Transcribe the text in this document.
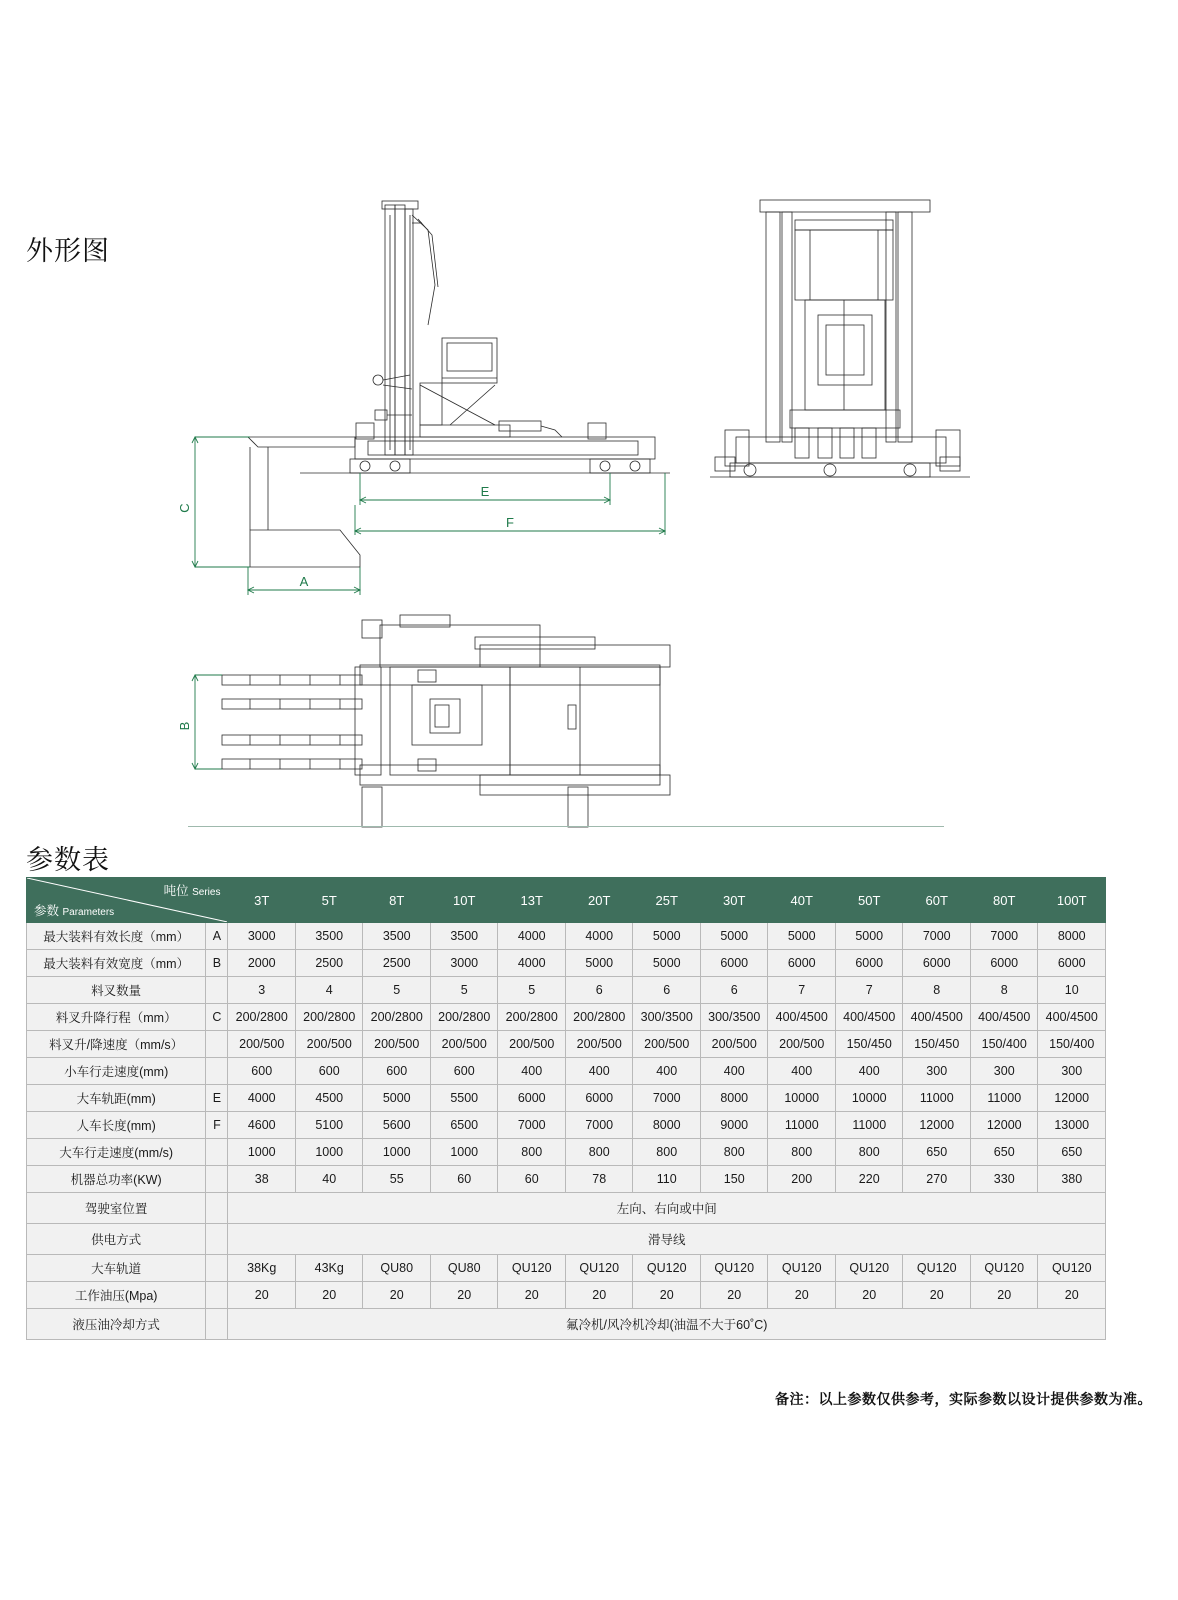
外形图
参数表
C
A
E
F
B
吨位 Series
参数 Parameters		3T	5T	8T	10T	13T	20T	25T	30T	40T	50T	60T	80T	100T
最大装料有效长度（mm）	A	3000	3500	3500	3500	4000	4000	5000	5000	5000	5000	7000	7000	8000
最大装料有效宽度（mm）	B	2000	2500	2500	3000	4000	5000	5000	6000	6000	6000	6000	6000	6000
料叉数量		3	4	5	5	5	6	6	6	7	7	8	8	10
料叉升降行程（mm）	C	200/2800	200/2800	200/2800	200/2800	200/2800	200/2800	300/3500	300/3500	400/4500	400/4500	400/4500	400/4500	400/4500
料叉升/降速度（mm/s）		200/500	200/500	200/500	200/500	200/500	200/500	200/500	200/500	200/500	150/450	150/450	150/400	150/400
小车行走速度(mm)		600	600	600	600	400	400	400	400	400	400	300	300	300
大车轨距(mm)	E	4000	4500	5000	5500	6000	6000	7000	8000	10000	10000	11000	11000	12000
人车长度(mm)	F	4600	5100	5600	6500	7000	7000	8000	9000	11000	11000	12000	12000	13000
大车行走速度(mm/s)		1000	1000	1000	1000	800	800	800	800	800	800	650	650	650
机器总功率(KW)		38	40	55	60	60	78	110	150	200	220	270	330	380
驾驶室位置		左向、右向或中间												
供电方式		滑导线												
大车轨道		38Kg	43Kg	QU80	QU80	QU120	QU120	QU120	QU120	QU120	QU120	QU120	QU120	QU120
工作油压(Mpa)		20	20	20	20	20	20	20	20	20	20	20	20	20
液压油冷却方式		氟冷机/风冷机冷却(油温不大于60˚C)												
备注：以上参数仅供参考，实际参数以设计提供参数为准。
